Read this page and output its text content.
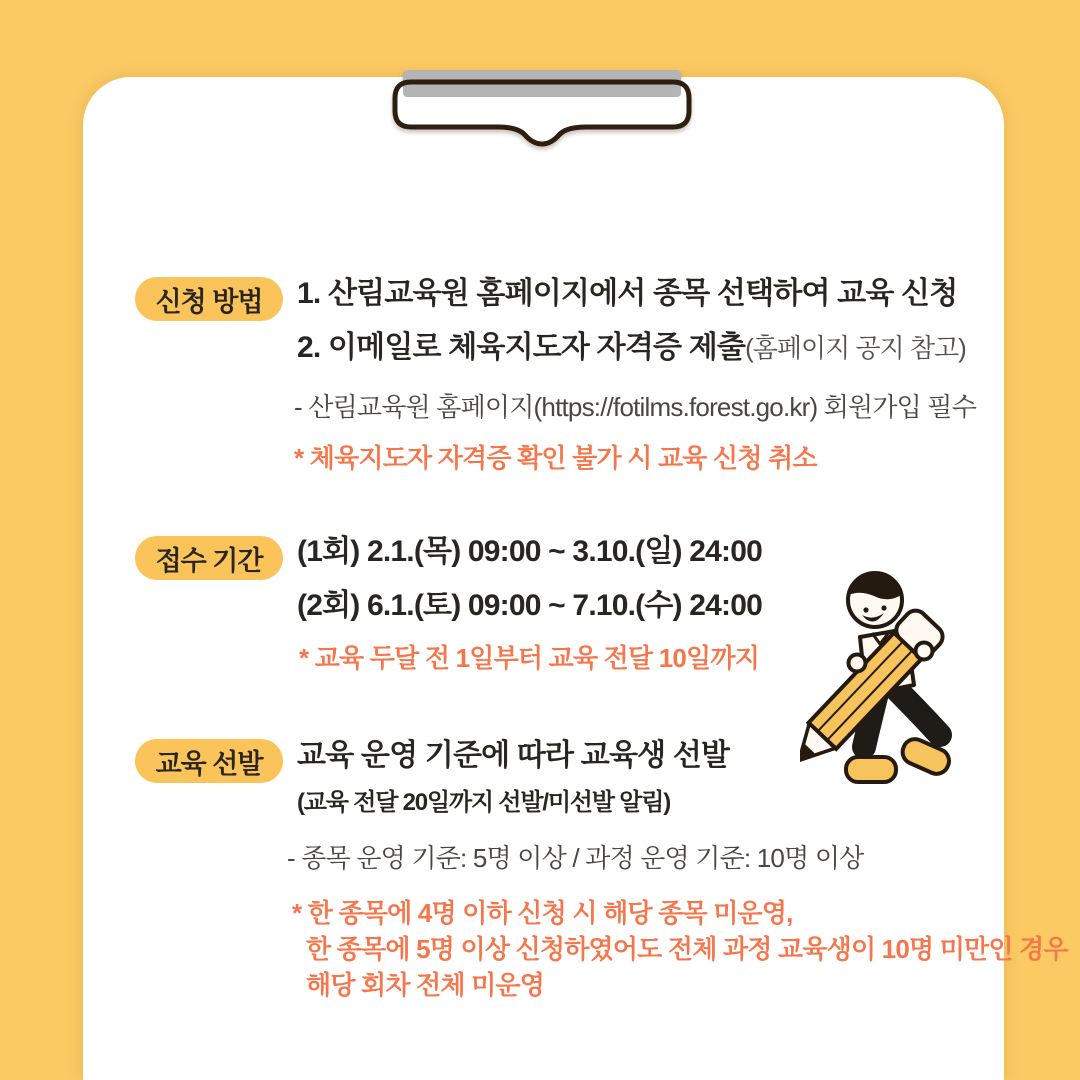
신청 방법 1. 산림교육원 홈페이지에서 종목 선택하여 교육 신청
2. 이메일로 체육지도자 자격증 제출(홈페이지 공지 참고)
- 산림교육원 홈페이지(https://fotilms.forest.go.kr) 회원가입 필수
* 체육지도자 자격증 확인 불가 시 교육 신청 취소
접수 기간 (1회) 2.1.(목) 09:00 ~ 3.10.(일) 24:00
(2회) 6.1.(토) 09:00 ~ 7.10.(수) 24:00
* 교육 두달 전 1일부터 교육 전달 10일까지
교육 선발 교육 운영 기준에 따라 교육생 선발
(교육 전달 20일까지 선발/미선발 알림)
- 종목 운영 기준: 5명 이상 / 과정 운영 기준: 10명 이상
* 한 종목에 4명 이하 신청 시 해당 종목 미운영,
한 종목에 5명 이상 신청하였어도 전체 과정 교육생이 10명 미만인 경우
해당 회차 전체 미운영
